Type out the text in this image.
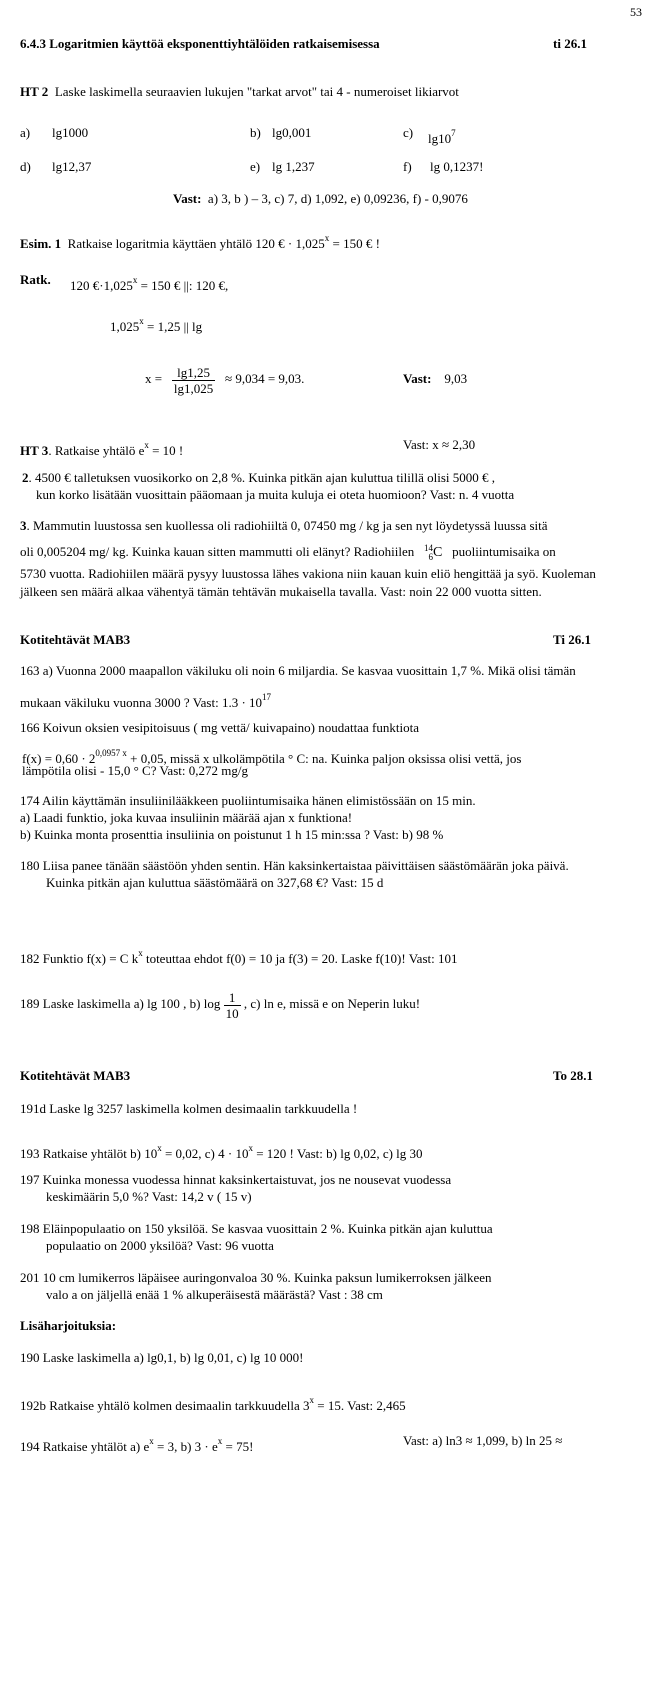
53
6.4.3 Logaritmien käyttöä eksponenttiyhtälöiden ratkaisemisessa	ti 26.1
HT 2 Laske laskimella seuraavien lukujen "tarkat arvot" tai 4 - numeroiset likiarvot
a) lg1000	b) lg0,001	c) $\lg 10^7$
d) lg12,37	e) lg 1,237	f) lg 0,1237!
Vast: a) 3, b ) – 3, c) 7, d) 1,092, e) 0,09236, f) - 0,9076
Esim. 1 Ratkaise logaritmia käyttäen yhtälö 120 € · $1,025^x = 150$ € !
Ratk. 120 $€\cdot 1,025^x = 150$ € ||: 120 €,
$1,025^x = 1,25$ || lg
$x = \frac{\lg 1,25}{\lg 1,025} \approx 9,034 = 9,03$.	Vast: 9,03
HT 3. Ratkaise yhtälö $e^x = 10$ !	Vast: x ≈ 2,30
2. 4500 € talletuksen vuosikorko on 2,8 %. Kuinka pitkän ajan kuluttua tilillä olisi 5000 € ,
kun korko lisätään vuosittain pääomaan ja muita kuluja ei oteta huomioon? Vast: n. 4 vuotta
3. Mammutin luustossa sen kuollessa oli radiohiiltä 0, 07450 mg / kg ja sen nyt löydetyssä luussa sitä
oli 0,005204 mg/ kg. Kuinka kauan sitten mammutti oli elänyt? Radiohiilen 14
6 C puoliintumisaika on
5730 vuotta. Radiohiilen määrä pysyy luustossa lähes vakiona niin kauan kuin eliö hengittää ja syö. Kuoleman
jälkeen sen määrä alkaa vähentyä tämän tehtävän mukaisella tavalla. Vast: noin 22 000 vuotta sitten.
Kotitehtävät MAB3	Ti 26.1
163 a) Vuonna 2000 maapallon väkiluku oli noin 6 miljardia. Se kasvaa vuosittain 1,7 %. Mikä olisi tämän
mukaan väkiluku vuonna 3000 ? Vast: $1.3 \cdot 10^{17}$
166 Koivun oksien vesipitoisuus ( mg vettä/ kuivapaino) noudattaa funktiota
$f(x) = 0,60 \cdot 2^{0,0957 x} + 0,05$, missä x ulkolämpötila ° C: na. Kuinka paljon oksissa olisi vettä, jos
lämpötila olisi - 15,0 ° C? Vast: 0,272 mg/g
174 Ailin käyttämän insuliinilääkkeen puoliintumisaika hänen elimistössään on 15 min.
a) Laadi funktio, joka kuvaa insuliinin määrää ajan x funktiona!
b) Kuinka monta prosenttia insuliinia on poistunut 1 h 15 min:ssa ? Vast: b) 98 %
180 Liisa panee tänään säästöön yhden sentin. Hän kaksinkertaistaa päivittäisen säästömäärän joka päivä.
Kuinka pitkän ajan kuluttua säästömäärä on 327,68 €? Vast: 15 d
182 Funktio f(x) = C $k^x$ toteuttaa ehdot f(0) = 10 ja f(3) = 20. Laske f(10)! Vast: 101
189 Laske laskimella a) lg 100 , b) $\log \frac{1}{10}$ , c) ln e, missä e on Neperin luku!
Kotitehtävät MAB3	To 28.1
191d Laske lg 3257 laskimella kolmen desimaalin tarkkuudella !
193 Ratkaise yhtälöt b) $10^x = 0,02$, c) $4 \cdot 10^x = 120$ ! Vast: b) lg 0,02, c) lg 30
197 Kuinka monessa vuodessa hinnat kaksinkertaistuvat, jos ne nousevat vuodessa
keskimäärin 5,0 %? Vast: 14,2 v ( 15 v)
198 Eläinpopulaatio on 150 yksilöä. Se kasvaa vuosittain 2 %. Kuinka pitkän ajan kuluttua
populaatio on 2000 yksilöä? Vast: 96 vuotta
201 10 cm lumikerros läpäisee auringonvaloa 30 %. Kuinka paksun lumikerroksen jälkeen
valo a on jäljellä enää 1 % alkuperäisestä määrästä? Vast : 38 cm
Lisäharjoituksia:
190 Laske laskimella a) lg0,1, b) lg 0,01, c) lg 10 000!
192b Ratkaise yhtälö kolmen desimaalin tarkkuudella $3^x = 15$. Vast: 2,465
194 Ratkaise yhtälöt a) $e^x = 3$, b) $3 \cdot e^x = 75$!	Vast: a) ln3 ≈ 1,099, b) ln 25 ≈
